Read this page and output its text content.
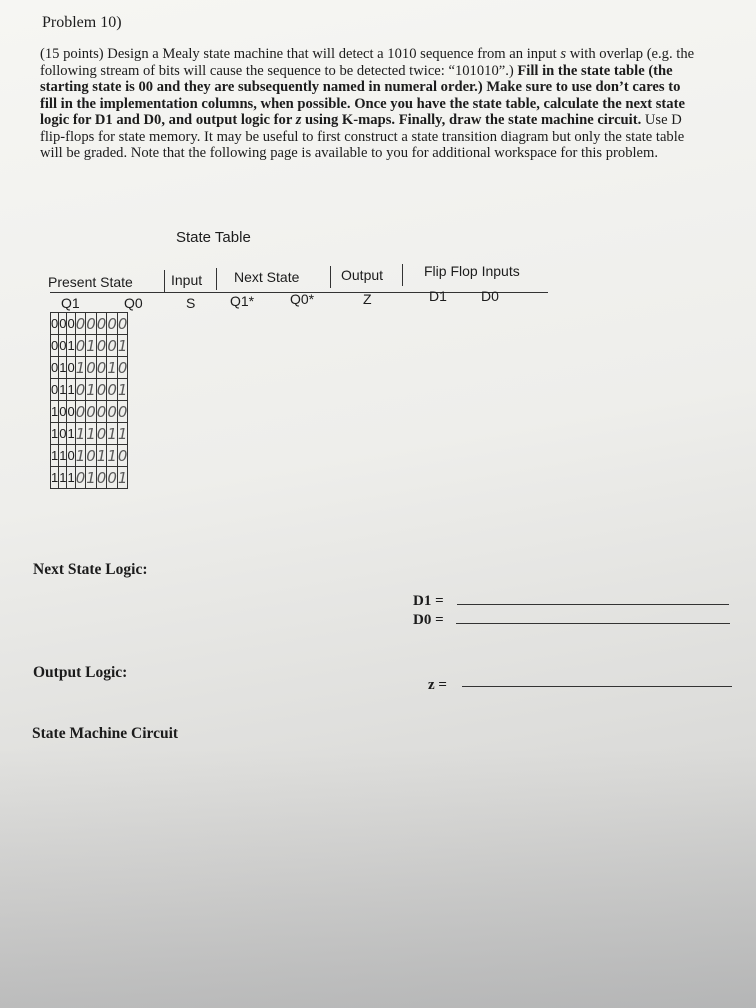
Problem 10)

(15 points) Design a Mealy state machine that will detect a 1010 sequence from an input s with overlap (e.g. the following stream of bits will cause the sequence to be detected twice: “101010”.) Fill in the state table (the starting state is 00 and they are subsequently named in numeral order.) Make sure to use don’t cares to fill in the implementation columns, when possible. Once you have the state table, calculate the next state logic for D1 and D0, and output logic for z using K-maps. Finally, draw the state machine circuit. Use D flip-flops for state memory. It may be useful to first construct a state transition diagram but only the state table will be graded. Note that the following page is available to you for additional workspace for this problem.

State Table
Present State	Input Next State	Output	Flip Flop Inputs
Q1	Q0	S Q1*	Q0*	Z	D1 D0
0	0	0	0	0	0	0	0
0	0	1	0	1	0	0	1
0	1	0	1	0	0	1	0
0	1	1	0	1	0	0	1
1	0	0	0	0	0	0	0
1	0	1	1	1	0	1	1
1	1	0	1	0	1	1	0
1	1	1	0	1	0	0	1
Next State Logic:
Output Logic:
State Machine Circuit
D1 =
D0 =
z =
